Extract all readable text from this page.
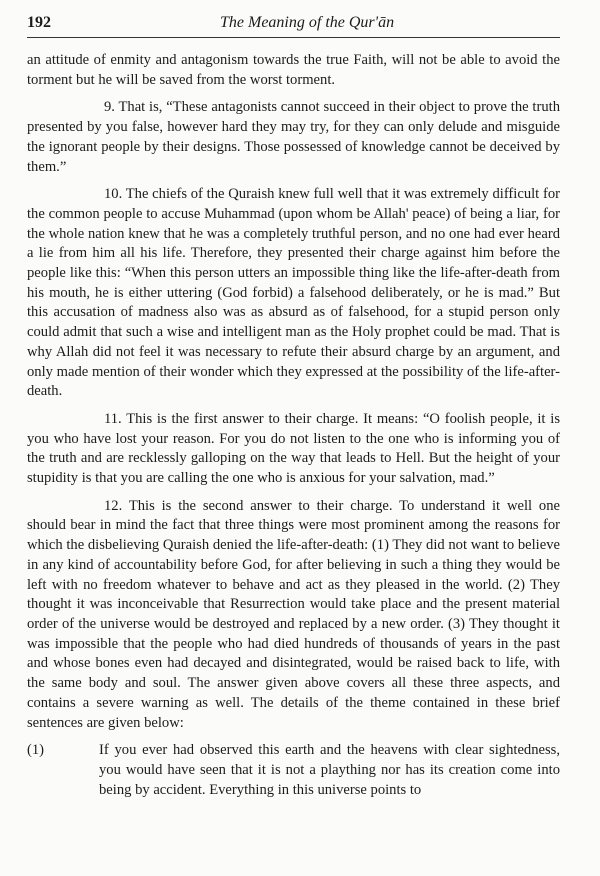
192	The Meaning of the Qur'ān

an attitude of enmity and antagonism towards the true Faith, will not be able to avoid the torment but he will be saved from the worst torment.

9. That is, “These antagonists cannot succeed in their object to prove the truth presented by you false, however hard they may try, for they can only delude and misguide the ignorant people by their designs. Those possessed of knowledge cannot be deceived by them.”

10. The chiefs of the Quraish knew full well that it was extremely difficult for the common people to accuse Muhammad (upon whom be Allah' peace) of being a liar, for the whole nation knew that he was a completely truthful person, and no one had ever heard a lie from him all his life. Therefore, they presented their charge against him before the people like this: “When this person utters an impossible thing like the life-after-death from his mouth, he is either uttering (God forbid) a falsehood deliberately, or he is mad.” But this accusation of madness also was as absurd as of falsehood, for a stupid person only could admit that such a wise and intelligent man as the Holy prophet could be mad. That is why Allah did not feel it was necessary to refute their absurd charge by an argument, and only made mention of their wonder which they expressed at the possibility of the life-after-death.

11. This is the first answer to their charge. It means: “O foolish people, it is you who have lost your reason. For you do not listen to the one who is informing you of the truth and are recklessly galloping on the way that leads to Hell. But the height of your stupidity is that you are calling the one who is anxious for your salvation, mad.”

12. This is the second answer to their charge. To understand it well one should bear in mind the fact that three things were most prominent among the reasons for which the disbelieving Quraish denied the life-after-death: (1) They did not want to believe in any kind of accountability before God, for after believing in such a thing they would be left with no freedom whatever to behave and act as they pleased in the world. (2) They thought it was inconceivable that Resurrection would take place and the present material order of the universe would be destroyed and replaced by a new order. (3) They thought it was impossible that the people who had died hundreds of thousands of years in the past and whose bones even had decayed and disintegrated, would be raised back to life, with the same body and soul. The answer given above covers all these three aspects, and contains a severe warning as well. The details of the theme contained in these brief sentences are given below:

(1)	If you ever had observed this earth and the heavens with clear sightedness, you would have seen that it is not a plaything nor has its creation come into being by accident. Everything in this universe points to
